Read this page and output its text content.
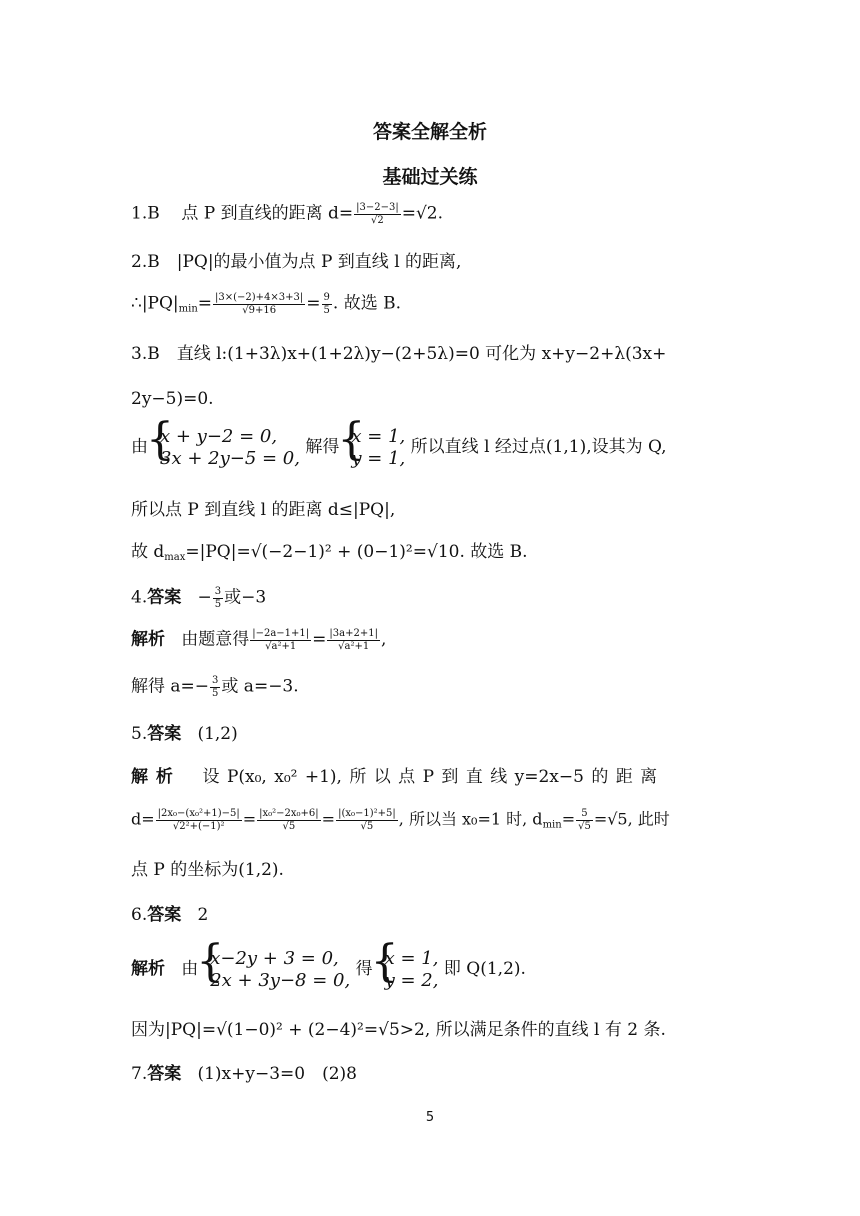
答案全解全析
基础过关练
1.B 点 P 到直线的距离 $d= \frac{|3-2-3|}{√2} =√2$.
2.B　|PQ|的最小值为点 P 到直线 l 的距离,
$\therefore|PQ|_{min}= \frac{|3\times(-2)+4\times 3+3|}{√9+16} = \frac{9}{5}$ . 故选 B.
3.B　直线 l:(1+3λ)x+(1+2λ)y−(2+5λ)=0 可化为 x+y−2+λ(3x+
2y−5)=0.
由
{ x + y−2 = 0,
3x + 2y−5 = 0,
解得
{ x = 1,
y = 1,
所以直线 l 经过点(1,1),设其为 Q,
所以点 P 到直线 l 的距离 d≤|PQ|,
故 $d_{max}=|PQ|=√(-2-1)^2 + (0-1)^2=√10$. 故选 B.
4.答案 − $\frac{3}{5}$ 或−3
解析 由题意得 $\frac{|-2a-1+1|}{\text{√a²+1}} = \frac{|3a+2+1|}{\text{√a²+1}}$ ,
解得 $a=- \frac{3}{5}$ 或 a=−3.
5.答案 (1,2)
解 析 设 P(x₀, x₀² +1), 所 以 点 P 到 直 线 y=2x−5 的 距 离
$d= \frac{\text{|2x₀−(x₀²+1)−5|}}{\text{√2²+(−1)²}} = \frac{\text{|x₀²−2x₀+6|}}{√5} = \frac{\text{|(x₀−1)²+5|}}{√5}$ , 所以当 x₀=1 时, $d_{min}= \frac{5}{√5} =√5$, 此时
点 P 的坐标为(1,2).
6.答案 2
解析 由
{ x−2y + 3 = 0,
2x + 3y−8 = 0,
得
{ x = 1,
y = 2,
即 Q(1,2).
因为|PQ|=√(1−0)² + (2−4)²=√5>2, 所以满足条件的直线 l 有 2 条.
7.答案 (1)x+y−3=0　(2)8
5
